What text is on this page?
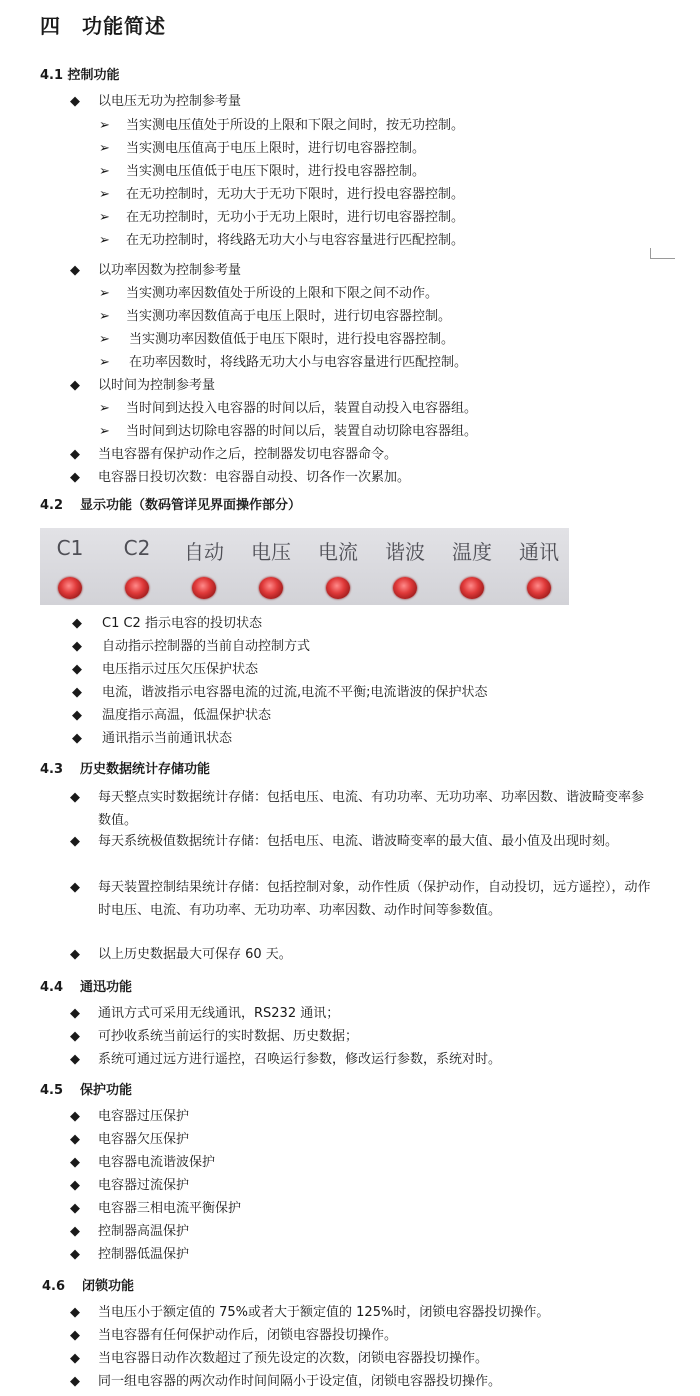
四　功能简述
4.1 控制功能
◆ 以电压无功为控制参考量
➢ 当实测电压值处于所设的上限和下限之间时，按无功控制。
➢ 当实测电压值高于电压上限时，进行切电容器控制。
➢ 当实测电压值低于电压下限时，进行投电容器控制。
➢ 在无功控制时，无功大于无功下限时，进行投电容器控制。
➢ 在无功控制时，无功小于无功上限时，进行切电容器控制。
➢ 在无功控制时，将线路无功大小与电容容量进行匹配控制。
◆ 以功率因数为控制参考量
➢ 当实测功率因数值处于所设的上限和下限之间不动作。
➢ 当实测功率因数值高于电压上限时，进行切电容器控制。
➢ 当实测功率因数值低于电压下限时，进行投电容器控制。
➢ 在功率因数时，将线路无功大小与电容容量进行匹配控制。
◆ 以时间为控制参考量
➢ 当时间到达投入电容器的时间以后，装置自动投入电容器组。
➢ 当时间到达切除电容器的时间以后，装置自动切除电容器组。
◆ 当电容器有保护动作之后，控制器发切电容器命令。
◆ 电容器日投切次数：电容器自动投、切各作一次累加。
4.2 显示功能（数码管详见界面操作部分）
C1	C2	自动	电压	电流	谐波	温度	通讯
◆ C1 C2 指示电容的投切状态
◆ 自动指示控制器的当前自动控制方式
◆ 电压指示过压欠压保护状态
◆ 电流，谐波指示电容器电流的过流,电流不平衡;电流谐波的保护状态
◆ 温度指示高温，低温保护状态
◆ 通讯指示当前通讯状态
4.3 历史数据统计存储功能
◆ 每天整点实时数据统计存储：包括电压、电流、有功功率、无功功率、功率因数、谐波畸变率参数值。
◆ 每天系统极值数据统计存储：包括电压、电流、谐波畸变率的最大值、最小值及出现时刻。
◆ 每天装置控制结果统计存储：包括控制对象，动作性质（保护动作，自动投切，远方遥控），动作时电压、电流、有功功率、无功功率、功率因数、动作时间等参数值。
◆ 以上历史数据最大可保存 60 天。
4.4 通迅功能
◆ 通讯方式可采用无线通讯，RS232 通讯；
◆ 可抄收系统当前运行的实时数据、历史数据；
◆ 系统可通过远方进行遥控，召唤运行参数，修改运行参数，系统对时。
4.5 保护功能
◆ 电容器过压保护
◆ 电容器欠压保护
◆ 电容器电流谐波保护
◆ 电容器过流保护
◆ 电容器三相电流平衡保护
◆ 控制器高温保护
◆ 控制器低温保护
4.6 闭锁功能
◆ 当电压小于额定值的 75%或者大于额定值的 125%时，闭锁电容器投切操作。
◆ 当电容器有任何保护动作后，闭锁电容器投切操作。
◆ 当电容器日动作次数超过了预先设定的次数，闭锁电容器投切操作。
◆ 同一组电容器的两次动作时间间隔小于设定值，闭锁电容器投切操作。
